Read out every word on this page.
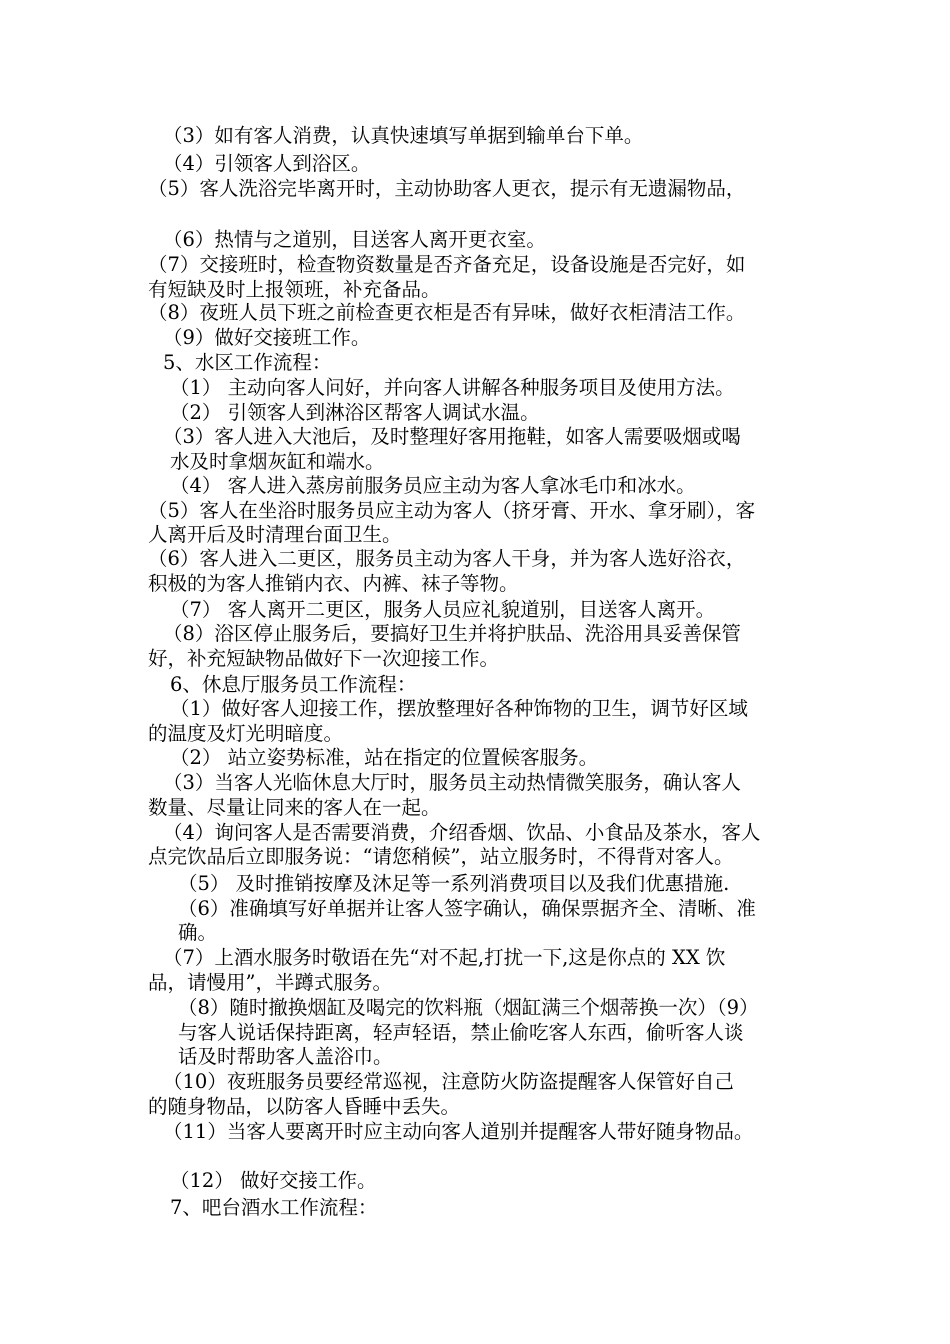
（3）如有客人消费，认真快速填写单据到输单台下单。
（4）引领客人到浴区。
（5）客人洗浴完毕离开时，主动协助客人更衣，提示有无遗漏物品，
（6）热情与之道别，目送客人离开更衣室。
（7）交接班时，检查物资数量是否齐备充足，设备设施是否完好，如
有短缺及时上报领班，补充备品。
（8）夜班人员下班之前检查更衣柜是否有异味，做好衣柜清洁工作。
（9）做好交接班工作。
5、水区工作流程：
（1） 主动向客人问好，并向客人讲解各种服务项目及使用方法。
（2） 引领客人到淋浴区帮客人调试水温。
（3）客人进入大池后，及时整理好客用拖鞋，如客人需要吸烟或喝
水及时拿烟灰缸和端水。
（4） 客人进入蒸房前服务员应主动为客人拿冰毛巾和冰水。
（5）客人在坐浴时服务员应主动为客人（挤牙膏、开水、拿牙刷），客
人离开后及时清理台面卫生。
（6）客人进入二更区，服务员主动为客人干身，并为客人选好浴衣，
积极的为客人推销内衣、内裤、袜子等物。
（7） 客人离开二更区，服务人员应礼貌道别，目送客人离开。
（8）浴区停止服务后，要搞好卫生并将护肤品、洗浴用具妥善保管
好，补充短缺物品做好下一次迎接工作。
6、休息厅服务员工作流程：
（1）做好客人迎接工作，摆放整理好各种饰物的卫生，调节好区域
的温度及灯光明暗度。
（2） 站立姿势标准，站在指定的位置候客服务。
（3）当客人光临休息大厅时，服务员主动热情微笑服务，确认客人
数量、尽量让同来的客人在一起。
（4）询问客人是否需要消费，介绍香烟、饮品、小食品及茶水，客人
点完饮品后立即服务说：“请您稍候”，站立服务时，不得背对客人。
（5） 及时推销按摩及沐足等一系列消费项目以及我们优惠措施.
（6）准确填写好单据并让客人签字确认，确保票据齐全、清晰、准
确。
（7）上酒水服务时敬语在先“对不起,打扰一下,这是你点的 XX 饮
品，请慢用”，半蹲式服务。
（8）随时撤换烟缸及喝完的饮料瓶（烟缸满三个烟蒂换一次）（9）
与客人说话保持距离，轻声轻语，禁止偷吃客人东西，偷听客人谈
话及时帮助客人盖浴巾。
（10）夜班服务员要经常巡视，注意防火防盗提醒客人保管好自己
的随身物品，以防客人昏睡中丢失。
（11）当客人要离开时应主动向客人道别并提醒客人带好随身物品。
（12） 做好交接工作。
7、吧台酒水工作流程：
